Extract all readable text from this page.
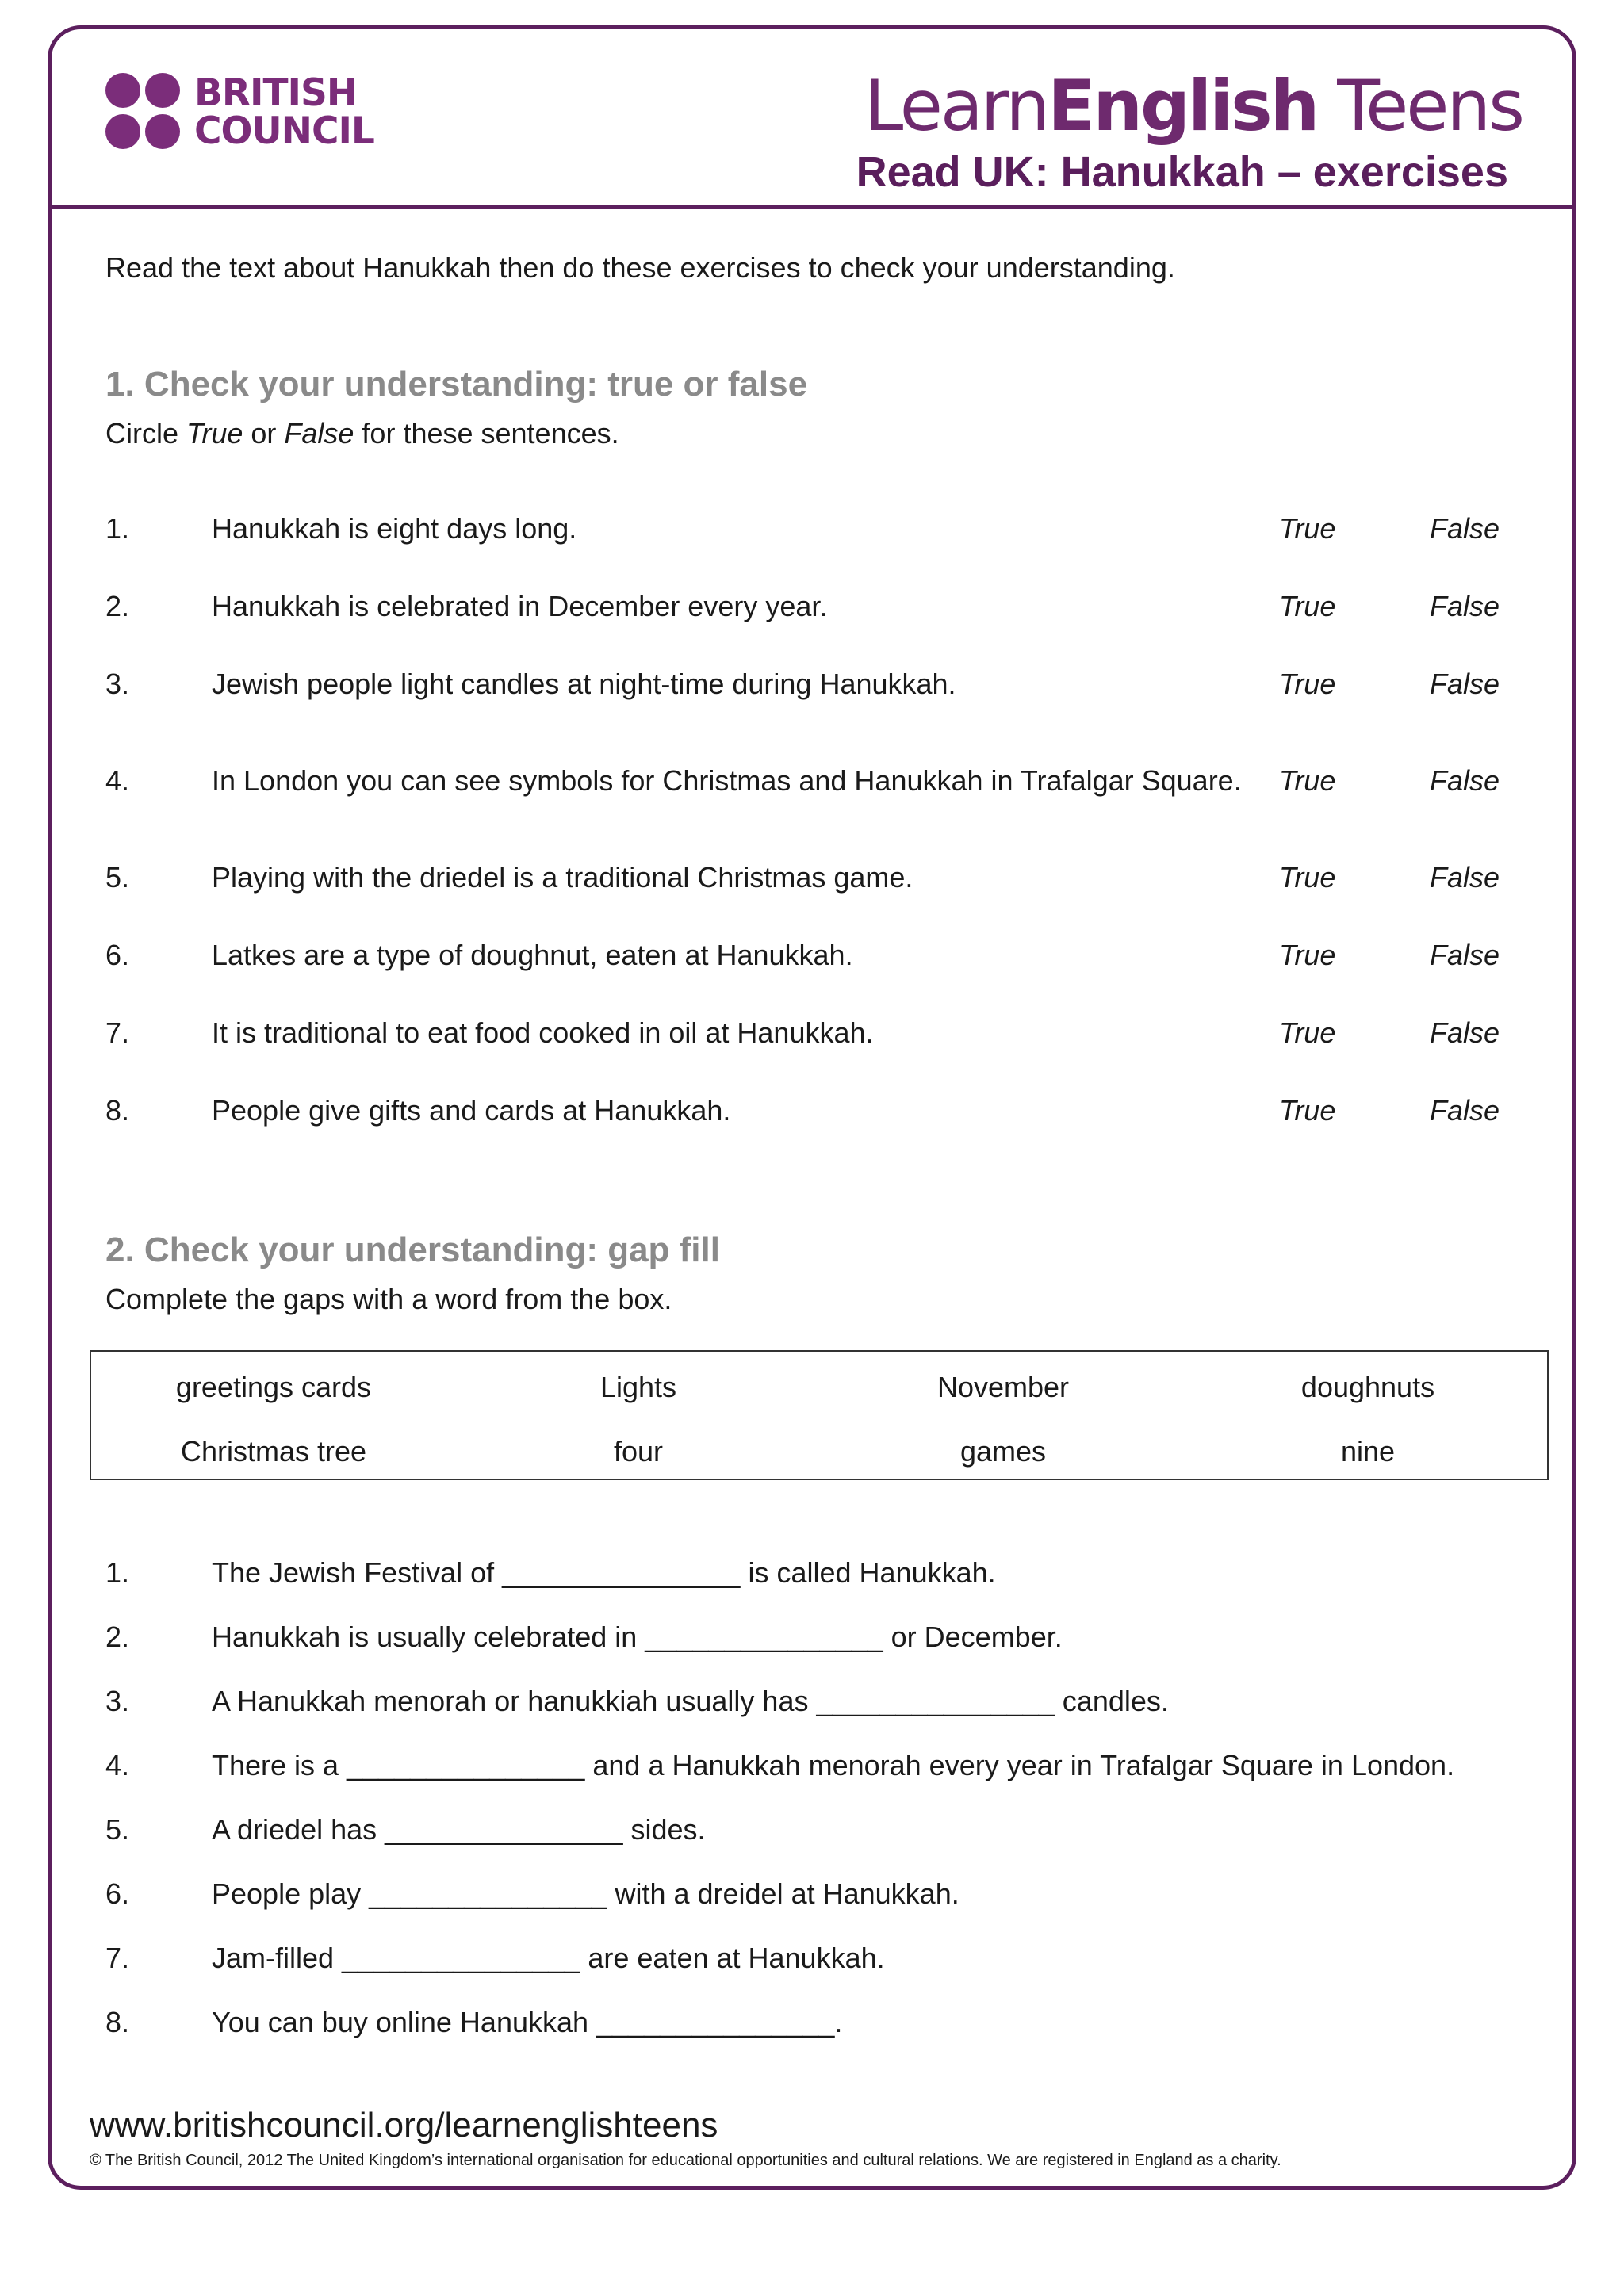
BRITISH
COUNCIL	LearnEnglish Teens
Read UK: Hanukkah – exercises
Read the text about Hanukkah then do these exercises to check your understanding.
1. Check your understanding: true or false
Circle True or False for these sentences.
1.	Hanukkah is eight days long.	True	False
2.	Hanukkah is celebrated in December every year.	True	False
3.	Jewish people light candles at night-time during Hanukkah.	True	False
4.	In London you can see symbols for Christmas and Hanukkah in Trafalgar Square.	True	False
5.	Playing with the driedel is a traditional Christmas game.	True	False
6.	Latkes are a type of doughnut, eaten at Hanukkah.	True	False
7.	It is traditional to eat food cooked in oil at Hanukkah.	True	False
8.	People give gifts and cards at Hanukkah.	True	False
2. Check your understanding: gap fill
Complete the gaps with a word from the box.
greetings cards	Lights	November	doughnuts
Christmas tree	four	games	nine
1.	The Jewish Festival of _______________ is called Hanukkah.
2.	Hanukkah is usually celebrated in _______________ or December.
3.	A Hanukkah menorah or hanukkiah usually has _______________ candles.
4.	There is a _______________ and a Hanukkah menorah every year in Trafalgar Square in London.
5.	A driedel has _______________ sides.
6.	People play _______________ with a dreidel at Hanukkah.
7.	Jam-filled _______________ are eaten at Hanukkah.
8.	You can buy online Hanukkah _______________.
www.britishcouncil.org/learnenglishteens
© The British Council, 2012 The United Kingdom’s international organisation for educational opportunities and cultural relations. We are registered in England as a charity.
